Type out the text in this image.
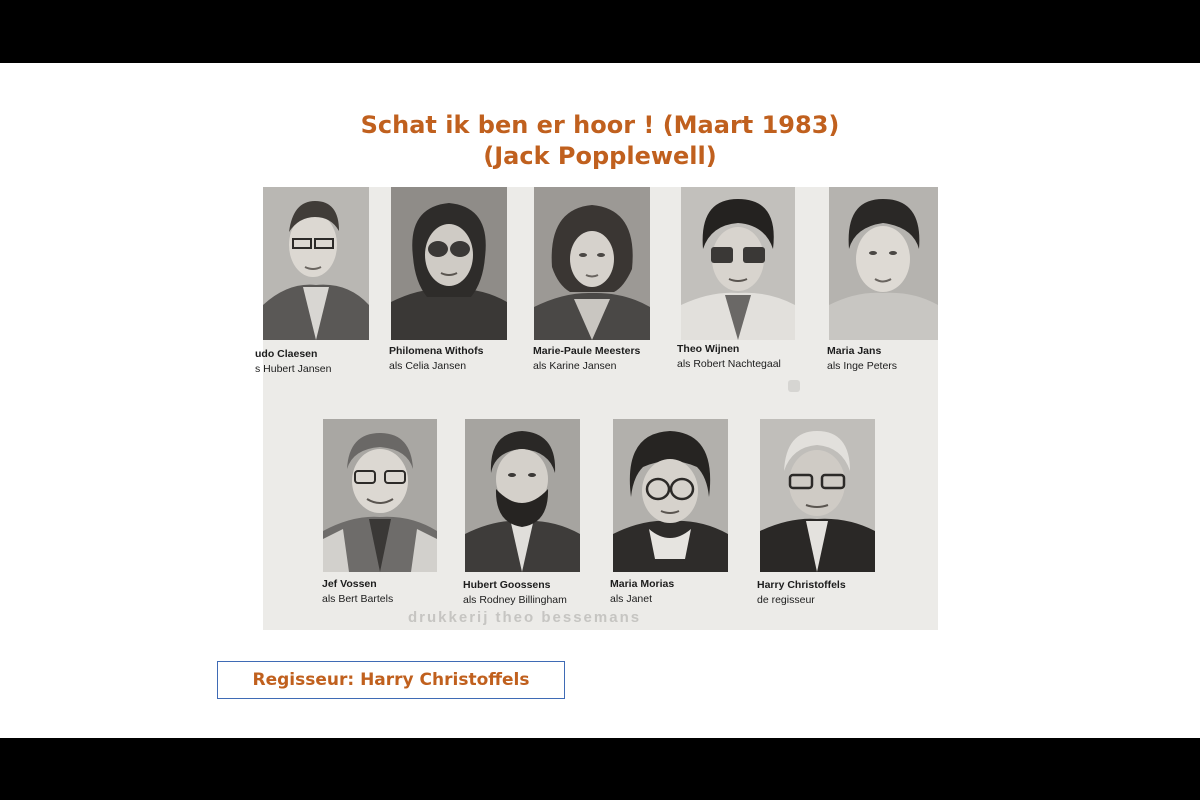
Schat ik ben er hoor ! (Maart 1983)
(Jack Popplewell)
udo Claesen
s Hubert Jansen
Philomena Withofs
als Celia Jansen
Marie-Paule Meesters
als Karine Jansen
Theo Wijnen
als Robert Nachtegaal
Maria Jans
als Inge Peters
Jef Vossen
als Bert Bartels
Hubert Goossens
als Rodney Billingham
Maria Morias
als Janet
Harry Christoffels
de regisseur
drukkerij theo bessemans
Regisseur: Harry Christoffels
